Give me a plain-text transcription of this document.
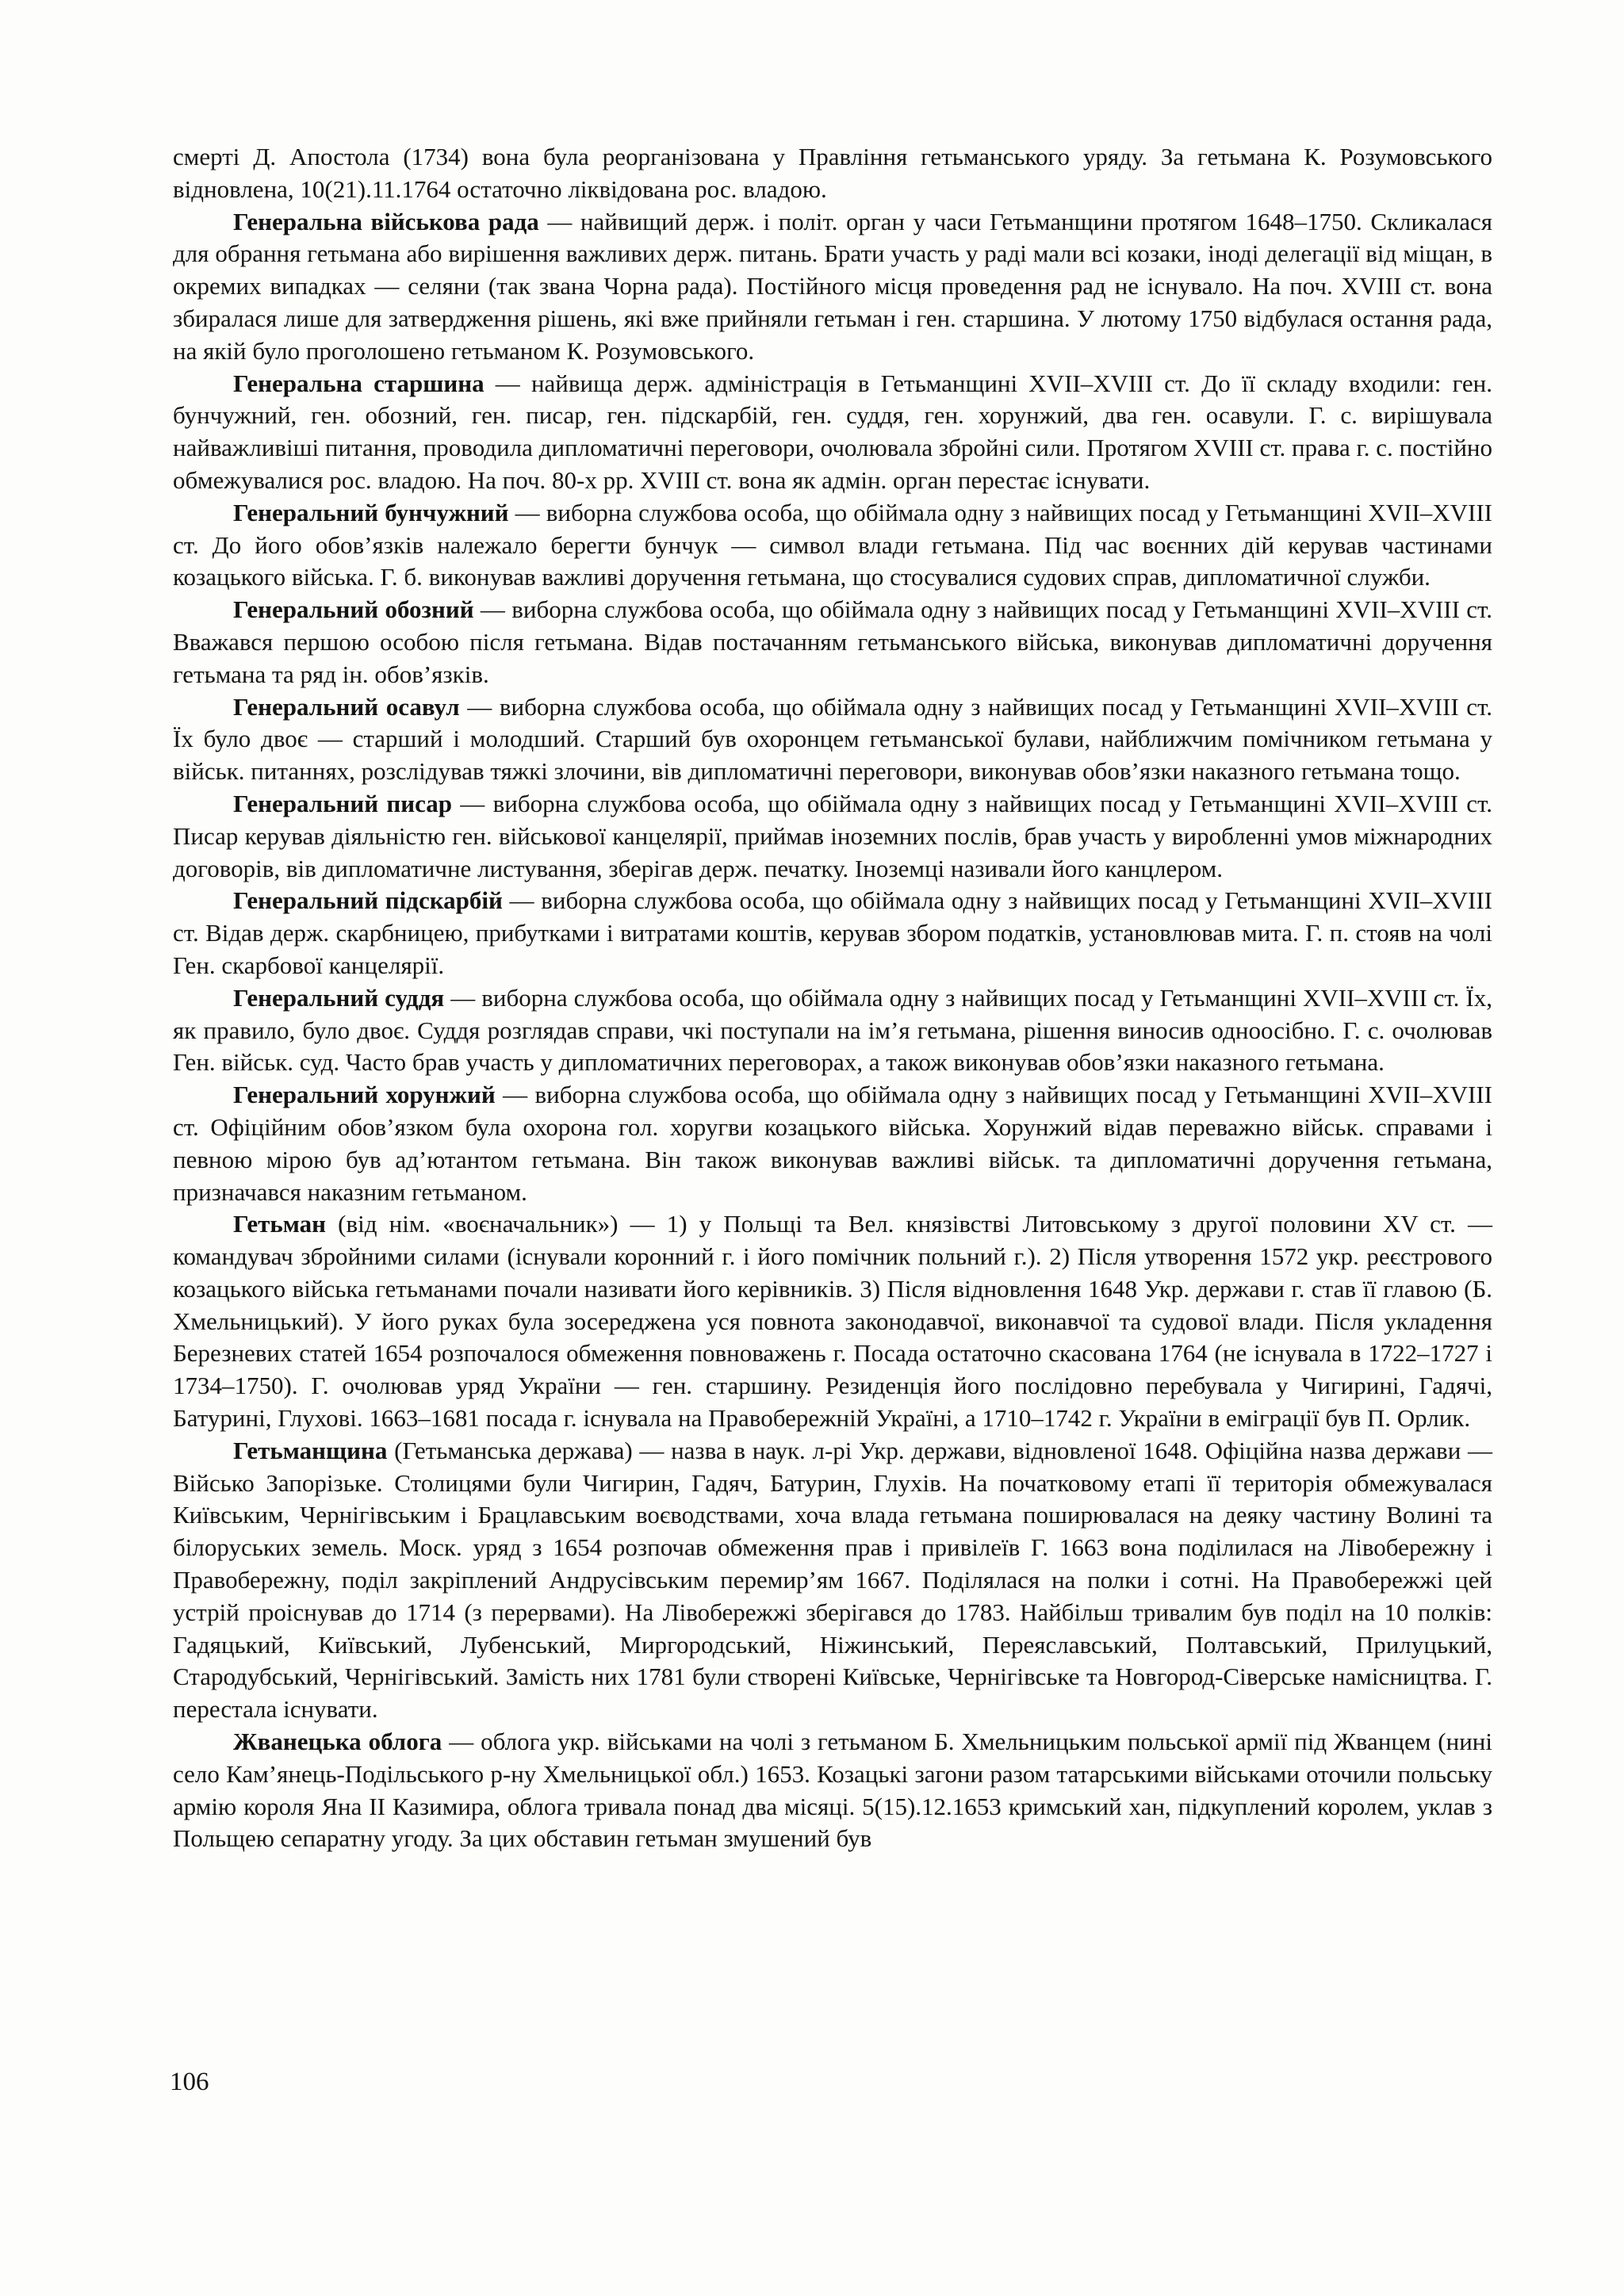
смерті Д. Апостола (1734) вона була реорганізована у Правління гетьманського уряду. За гетьмана К. Розумовського відновлена, 10(21).11.1764 остаточно ліквідована рос. владою.

Генеральна військова рада — найвищий держ. і політ. орган у часи Гетьманщини протягом 1648–1750. Скликалася для обрання гетьмана або вирішення важливих держ. питань. Брати участь у раді мали всі козаки, іноді делегації від міщан, в окремих випадках — селяни (так звана Чорна рада). Постійного місця проведення рад не існувало. На поч. XVIII ст. вона збиралася лише для затвердження рішень, які вже прийняли гетьман і ген. старшина. У лютому 1750 відбулася остання рада, на якій було проголошено гетьманом К. Розумовського.

Генеральна старшина — найвища держ. адміністрація в Гетьманщині XVII–XVIII ст. До її складу входили: ген. бунчужний, ген. обозний, ген. писар, ген. підскарбій, ген. суддя, ген. хорунжий, два ген. осавули. Г. с. вирішувала найважливіші питання, проводила дипломатичні переговори, очолювала збройні сили. Протягом XVIII ст. права г. с. постійно обмежувалися рос. владою. На поч. 80-х рр. XVIII ст. вона як адмін. орган перестає існувати.

Генеральний бунчужний — виборна службова особа, що обіймала одну з найвищих посад у Гетьманщині XVII–XVIII ст. До його обов’язків належало берегти бунчук — символ влади гетьмана. Під час воєнних дій керував частинами козацького війська. Г. б. виконував важливі доручення гетьмана, що стосувалися судових справ, дипломатичної служби.

Генеральний обозний — виборна службова особа, що обіймала одну з найвищих посад у Гетьманщині XVII–XVIII ст. Вважався першою особою після гетьмана. Відав постачанням гетьманського війська, виконував дипломатичні доручення гетьмана та ряд ін. обов’язків.

Генеральний осавул — виборна службова особа, що обіймала одну з найвищих посад у Гетьманщині XVII–XVIII ст. Їх було двоє — старший і молодший. Старший був охоронцем гетьманської булави, найближчим помічником гетьмана у військ. питаннях, розслідував тяжкі злочини, вів дипломатичні переговори, виконував обов’язки наказного гетьмана тощо.

Генеральний писар — виборна службова особа, що обіймала одну з найвищих посад у Гетьманщині XVII–XVIII ст. Писар керував діяльністю ген. військової канцелярії, приймав іноземних послів, брав участь у виробленні умов міжнародних договорів, вів дипломатичне листування, зберігав держ. печатку. Іноземці називали його канцлером.

Генеральний підскарбій — виборна службова особа, що обіймала одну з найвищих посад у Гетьманщині XVII–XVIII ст. Відав держ. скарбницею, прибутками і витратами коштів, керував збором податків, установлював мита. Г. п. стояв на чолі Ген. скарбової канцелярії.

Генеральний суддя — виборна службова особа, що обіймала одну з найвищих посад у Гетьманщині XVII–XVIII ст. Їх, як правило, було двоє. Суддя розглядав справи, чкі поступали на ім’я гетьмана, рішення виносив одноосібно. Г. с. очолював Ген. військ. суд. Часто брав участь у дипломатичних переговорах, а також виконував обов’язки наказного гетьмана.

Генеральний хорунжий — виборна службова особа, що обіймала одну з найвищих посад у Гетьманщині XVII–XVIII ст. Офіційним обов’язком була охорона гол. хоругви козацького війська. Хорунжий відав переважно військ. справами і певною мірою був ад’ютантом гетьмана. Він також виконував важливі військ. та дипломатичні доручення гетьмана, призначався наказним гетьманом.

Гетьман (від нім. «воєначальник») — 1) у Польщі та Вел. князівстві Литовському з другої половини XV ст. — командувач збройними силами (існували коронний г. і його помічник польний г.). 2) Після утворення 1572 укр. реєстрового козацького війська гетьманами почали називати його керівників. 3) Після відновлення 1648 Укр. держави г. став її главою (Б. Хмельницький). У його руках була зосереджена уся повнота законодавчої, виконавчої та судової влади. Після укладення Березневих статей 1654 розпочалося обмеження повноважень г. Посада остаточно скасована 1764 (не існувала в 1722–1727 і 1734–1750). Г. очолював уряд України — ген. старшину. Резиденція його послідовно перебувала у Чигирині, Гадячі, Батурині, Глухові. 1663–1681 посада г. існувала на Правобережній Україні, а 1710–1742 г. України в еміграції був П. Орлик.

Гетьманщина (Гетьманська держава) — назва в наук. л-рі Укр. держави, відновленої 1648. Офіційна назва держави — Військо Запорізьке. Столицями були Чигирин, Гадяч, Батурин, Глухів. На початковому етапі її територія обмежувалася Київським, Чернігівським і Брацлавським воєводствами, хоча влада гетьмана поширювалася на деяку частину Волині та білоруських земель. Моск. уряд з 1654 розпочав обмеження прав і привілеїв Г. 1663 вона поділилася на Лівобережну і Правобережну, поділ закріплений Андрусівським перемир’ям 1667. Поділялася на полки і сотні. На Правобережжі цей устрій проіснував до 1714 (з перервами). На Лівобережжі зберігався до 1783. Найбільш тривалим був поділ на 10 полків: Гадяцький, Київський, Лубенський, Миргородський, Ніжинський, Переяславський, Полтавський, Прилуцький, Стародубський, Чернігівський. Замість них 1781 були створені Київське, Чернігівське та Новгород-Сіверське намісництва. Г. перестала існувати.

Жванецька облога — облога укр. військами на чолі з гетьманом Б. Хмельницьким польської армії під Жванцем (нині село Кам’янець-Подільського р-ну Хмельницької обл.) 1653. Козацькі загони разом татарськими військами оточили польську армію короля Яна II Казимира, облога тривала понад два місяці. 5(15).12.1653 кримський хан, підкуплений королем, уклав з Польщею сепаратну угоду. За цих обставин гетьман змушений був

106
